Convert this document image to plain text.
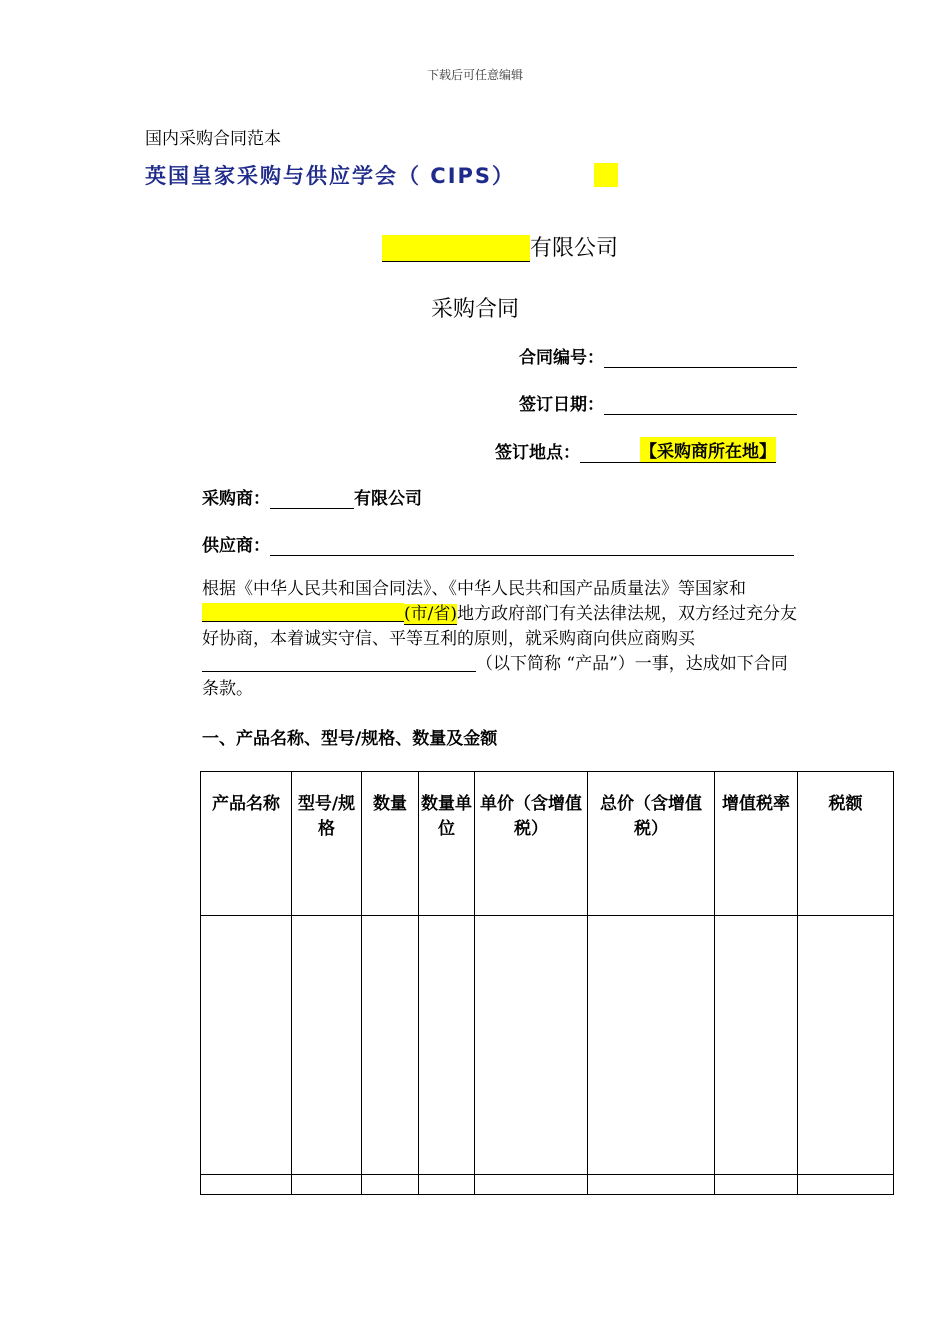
下载后可任意编辑
国内采购合同范本
英国皇家采购与供应学会（ CIPS）
有限公司
采购合同
合同编号：
签订日期：
签订地点：	【采购商所在地】
采购商：	有限公司
供应商：
根据《中华人民共和国合同法》、《中华人民共和国产品质量法》等国家和(市/省)地方政府部门有关法律法规，双方经过充分友好协商，本着诚实守信、平等互利的原则，就采购商向供应商购买（以下简称 “产品”）一事，达成如下合同条款。
一、产品名称、型号/规格、数量及金额
产品名称	型号/规格	数量	数量单位	单价（含增值税）	总价（含增值税）	增值税率	税额
